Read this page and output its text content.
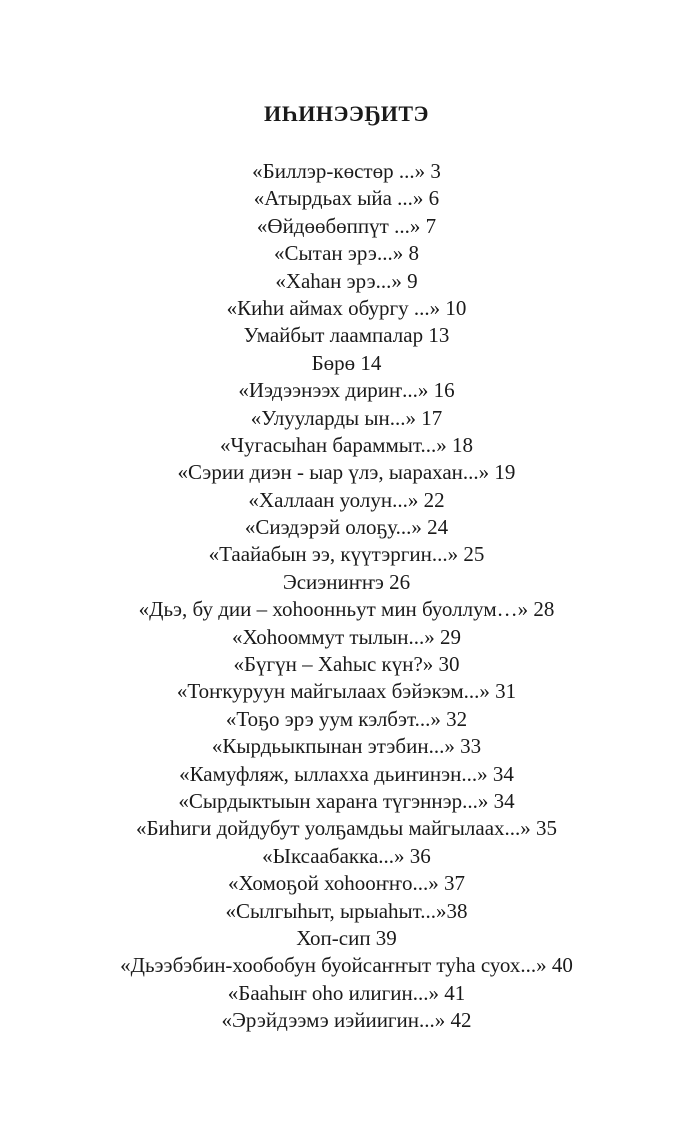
ИҺИНЭЭҔИТЭ
«Биллэр-көстөр ...» 3
«Атырдьах ыйа ...» 6
«Өйдөөбөппүт ...» 7
«Сытан эрэ...» 8
«Хаһан эрэ...» 9
«Киһи аймах обургу ...» 10
Умайбыт лаампалар 13
Бөрө 14
«Иэдээнээх дириҥ...» 16
«Улууларды ын...» 17
«Чугасыһан бараммыт...» 18
«Сэрии диэн - ыар үлэ, ыарахан...» 19
«Халлаан уолун...» 22
«Сиэдэрэй олоҕу...» 24
«Таайабын ээ, күүтэргин...» 25
Эсиэниҥҥэ 26
«Дьэ, бу дии – хоһоонньут мин буоллум…» 28
«Хоһооммут тылын...» 29
«Бүгүн – Хаһыс күн?» 30
«Тоҥкуруун майгылаах бэйэкэм...» 31
«Тоҕо эрэ уум кэлбэт...» 32
«Кырдьыкпынан этэбин...» 33
«Камуфляж, ыллаххa дьиҥинэн...» 34
«Сырдыктыын хараҥа түгэннэр...» 34
«Биһиги дойдубут уолҕамдьы майгылаах...» 35
«Ыксаабакка...» 36
«Хомоҕой хоһооҥҥо...» 37
«Сылгыһыт, ырыаһыт...»38
Хоп-сип 39
«Дьээбэбин-хообобун буойсаҥҥыт туһа суох...» 40
«Бааһыҥ оһо илигин...» 41
«Эрэйдээмэ иэйиигин...» 42
